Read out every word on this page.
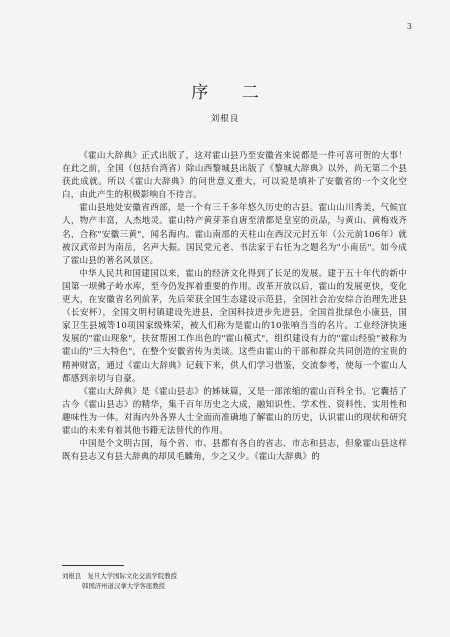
3
序 二
刘根良

《霍山大辞典》正式出版了，这对霍山县乃至安徽省来说都是一件可喜可贺的大事！在此之前，全国（包括台湾省）除山西黎城县出版了《黎城大辞典》以外，尚无第二个县获此成就。所以《霍山大辞典》的问世意义重大，可以说是填补了安徽省的一个文化空白，由此产生的积极影响自不待言。

霍山县地处安徽省西部，是一个有三千多年悠久历史的古县。霍山山川秀美，气候宜人，物产丰富，人杰地灵。霍山特产黄芽茶自唐至清都是皇室的贡品，与黄山、黄梅戏齐名，合称"安徽三黄"，闻名海内。霍山南部的天柱山在西汉元封五年（公元前106年）就被汉武帝封为南岳，名声大振。国民党元老、书法家于右任为之题名为"小南岳"。如今成了霍山县的著名风景区。

中华人民共和国建国以来，霍山的经济文化得到了长足的发展。建于五十年代的新中国第一坝佛子岭水库，至今仍发挥着重要的作用。改革开放以后，霍山的发展更快，变化更大，在安徽省名列前茅，先后荣获全国生态建设示范县，全国社会治安综合治理先进县（长安杯），全国文明村镇建设先进县，全国科技进步先进县，全国首批绿色小康县，国家卫生县城等10项国家级殊荣，被人们称为是霍山的10张响当当的名片。工业经济快速发展的"霍山现象"，扶贫帮困工作出色的"霍山模式"，组织建设有力的"霍山经验"被称为霍山的"三大特色"，在整个安徽省传为美谈。这些由霍山的干部和群众共同创造的宝贵的精神财富，通过《霍山大辞典》记载下来，供人们学习借鉴，交流参考，使每一个霍山人都感到亲切与自豪。

《霍山大辞典》是《霍山县志》的姊妹篇，又是一部浓缩的霍山百科全书。它囊括了古今《霍山县志》的精华，集千百年历史之大成，融知识性、学术性、资料性、实用性和趣味性为一体。对海内外各界人士全面而准确地了解霍山的历史，认识霍山的现状和研究霍山的未来有着其他书籍无法替代的作用。

中国是个文明古国，每个省、市、县都有各自的省志、市志和县志，但象霍山县这样既有县志又有县大辞典的却凤毛麟角，少之又少。《霍山大辞典》的

刘根良　复旦大学国际文化交流学院教授
韩国济州道汉拿大学客座教授
